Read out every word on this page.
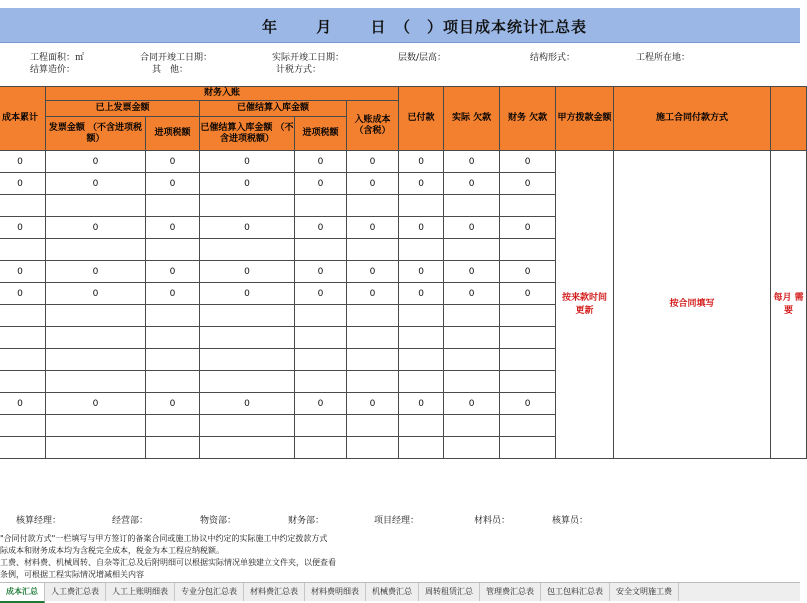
年　 　月　 　日　（　）项目成本统计汇总表
工程面积：㎡	合同开竣工日期：	实际开竣工日期：	层数/层高：	结构形式：	工程所在地：
结算造价：	其　他：	计税方式：
成本累计	财务入账					已付款	实际 欠款	财务 欠款	甲方拨款金额	施工合同付款方式	
	已上发票金额		已催结算入库金额		入账成本 （含税）						
	发票金额 （不含进项税额）	进项税额	已催结算入库金额 （不含进项税额）	进项税额							
0	0	0	0	0	0	0	0	0	按来款时间 更新	按合同填写	每月 需要
0	0	0	0	0	0	0	0	0			

0	0	0	0	0	0	0	0	0			

0	0	0	0	0	0	0	0	0			
0	0	0	0	0	0	0	0	0			

0	0	0	0	0	0	0	0	0			

核算经理：	经营部：	物资部：	财务部：	项目经理：	材料员：	核算员：
"合同付款方式"一栏填写与甲方签订的备案合同或施工协议中约定的实际施工中约定拨款方式
际成本和财务成本均为含税完全成本，税金为本工程应纳税额。
工费、材料费、机械周转、自杂等汇总及后附明细可以根据实际情况单独建立文件夹，以便查看
条例，可根据工程实际情况增减相关内容
成本汇总	人工费汇总表	人工上账明细表	专业分包汇总表	材料费汇总表	材料费明细表	机械费汇总	周转租赁汇总	管理费汇总表	包工包料汇总表	安全文明施工费
